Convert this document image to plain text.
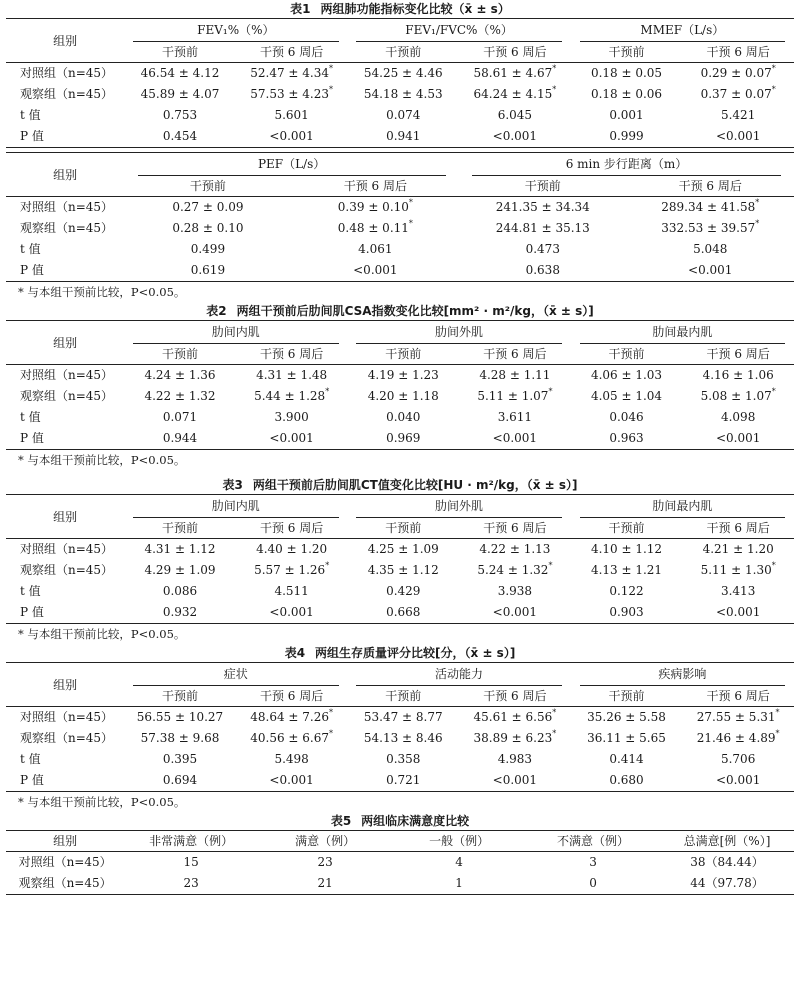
表1 两组肺功能指标变化比较（x̄ ± s）
组别	FEV₁%（%）		FEV₁/FVC%（%）		MMEF（L/s）	
	干预前	干预 6 周后	干预前	干预 6 周后	干预前	干预 6 周后
对照组（n=45）	46.54 ± 4.12	52.47 ± 4.34*	54.25 ± 4.46	58.61 ± 4.67*	0.18 ± 0.05	0.29 ± 0.07*
观察组（n=45）	45.89 ± 4.07	57.53 ± 4.23*	54.18 ± 4.53	64.24 ± 4.15*	0.18 ± 0.06	0.37 ± 0.07*
t 值	0.753	5.601	0.074	6.045	0.001	5.421
P 值	0.454	<0.001	0.941	<0.001	0.999	<0.001
组别	PEF（L/s）		6 min 步行距离（m）	
	干预前	干预 6 周后	干预前	干预 6 周后
对照组（n=45）	0.27 ± 0.09	0.39 ± 0.10*	241.35 ± 34.34	289.34 ± 41.58*
观察组（n=45）	0.28 ± 0.10	0.48 ± 0.11*	244.81 ± 35.13	332.53 ± 39.57*
t 值	0.499	4.061	0.473	5.048
P 值	0.619	<0.001	0.638	<0.001
* 与本组干预前比较，P<0.05。
表2 两组干预前后肋间肌CSA指数变化比较[mm² · m²/kg，（x̄ ± s）]
组别	肋间内肌		肋间外肌		肋间最内肌	
	干预前	干预 6 周后	干预前	干预 6 周后	干预前	干预 6 周后
对照组（n=45）	4.24 ± 1.36	4.31 ± 1.48	4.19 ± 1.23	4.28 ± 1.11	4.06 ± 1.03	4.16 ± 1.06
观察组（n=45）	4.22 ± 1.32	5.44 ± 1.28*	4.20 ± 1.18	5.11 ± 1.07*	4.05 ± 1.04	5.08 ± 1.07*
t 值	0.071	3.900	0.040	3.611	0.046	4.098
P 值	0.944	<0.001	0.969	<0.001	0.963	<0.001
* 与本组干预前比较，P<0.05。
表3 两组干预前后肋间肌CT值变化比较[HU · m²/kg，（x̄ ± s）]
组别	肋间内肌		肋间外肌		肋间最内肌	
	干预前	干预 6 周后	干预前	干预 6 周后	干预前	干预 6 周后
对照组（n=45）	4.31 ± 1.12	4.40 ± 1.20	4.25 ± 1.09	4.22 ± 1.13	4.10 ± 1.12	4.21 ± 1.20
观察组（n=45）	4.29 ± 1.09	5.57 ± 1.26*	4.35 ± 1.12	5.24 ± 1.32*	4.13 ± 1.21	5.11 ± 1.30*
t 值	0.086	4.511	0.429	3.938	0.122	3.413
P 值	0.932	<0.001	0.668	<0.001	0.903	<0.001
* 与本组干预前比较，P<0.05。
表4 两组生存质量评分比较[分，（x̄ ± s）]
组别	症状		活动能力		疾病影响	
	干预前	干预 6 周后	干预前	干预 6 周后	干预前	干预 6 周后
对照组（n=45）	56.55 ± 10.27	48.64 ± 7.26*	53.47 ± 8.77	45.61 ± 6.56*	35.26 ± 5.58	27.55 ± 5.31*
观察组（n=45）	57.38 ± 9.68	40.56 ± 6.67*	54.13 ± 8.46	38.89 ± 6.23*	36.11 ± 5.65	21.46 ± 4.89*
t 值	0.395	5.498	0.358	4.983	0.414	5.706
P 值	0.694	<0.001	0.721	<0.001	0.680	<0.001
* 与本组干预前比较，P<0.05。
表5 两组临床满意度比较
组别	非常满意（例）	满意（例）	一般（例）	不满意（例）	总满意[例（%）]
对照组（n=45）	15	23	4	3	38（84.44）
观察组（n=45）	23	21	1	0	44（97.78）
